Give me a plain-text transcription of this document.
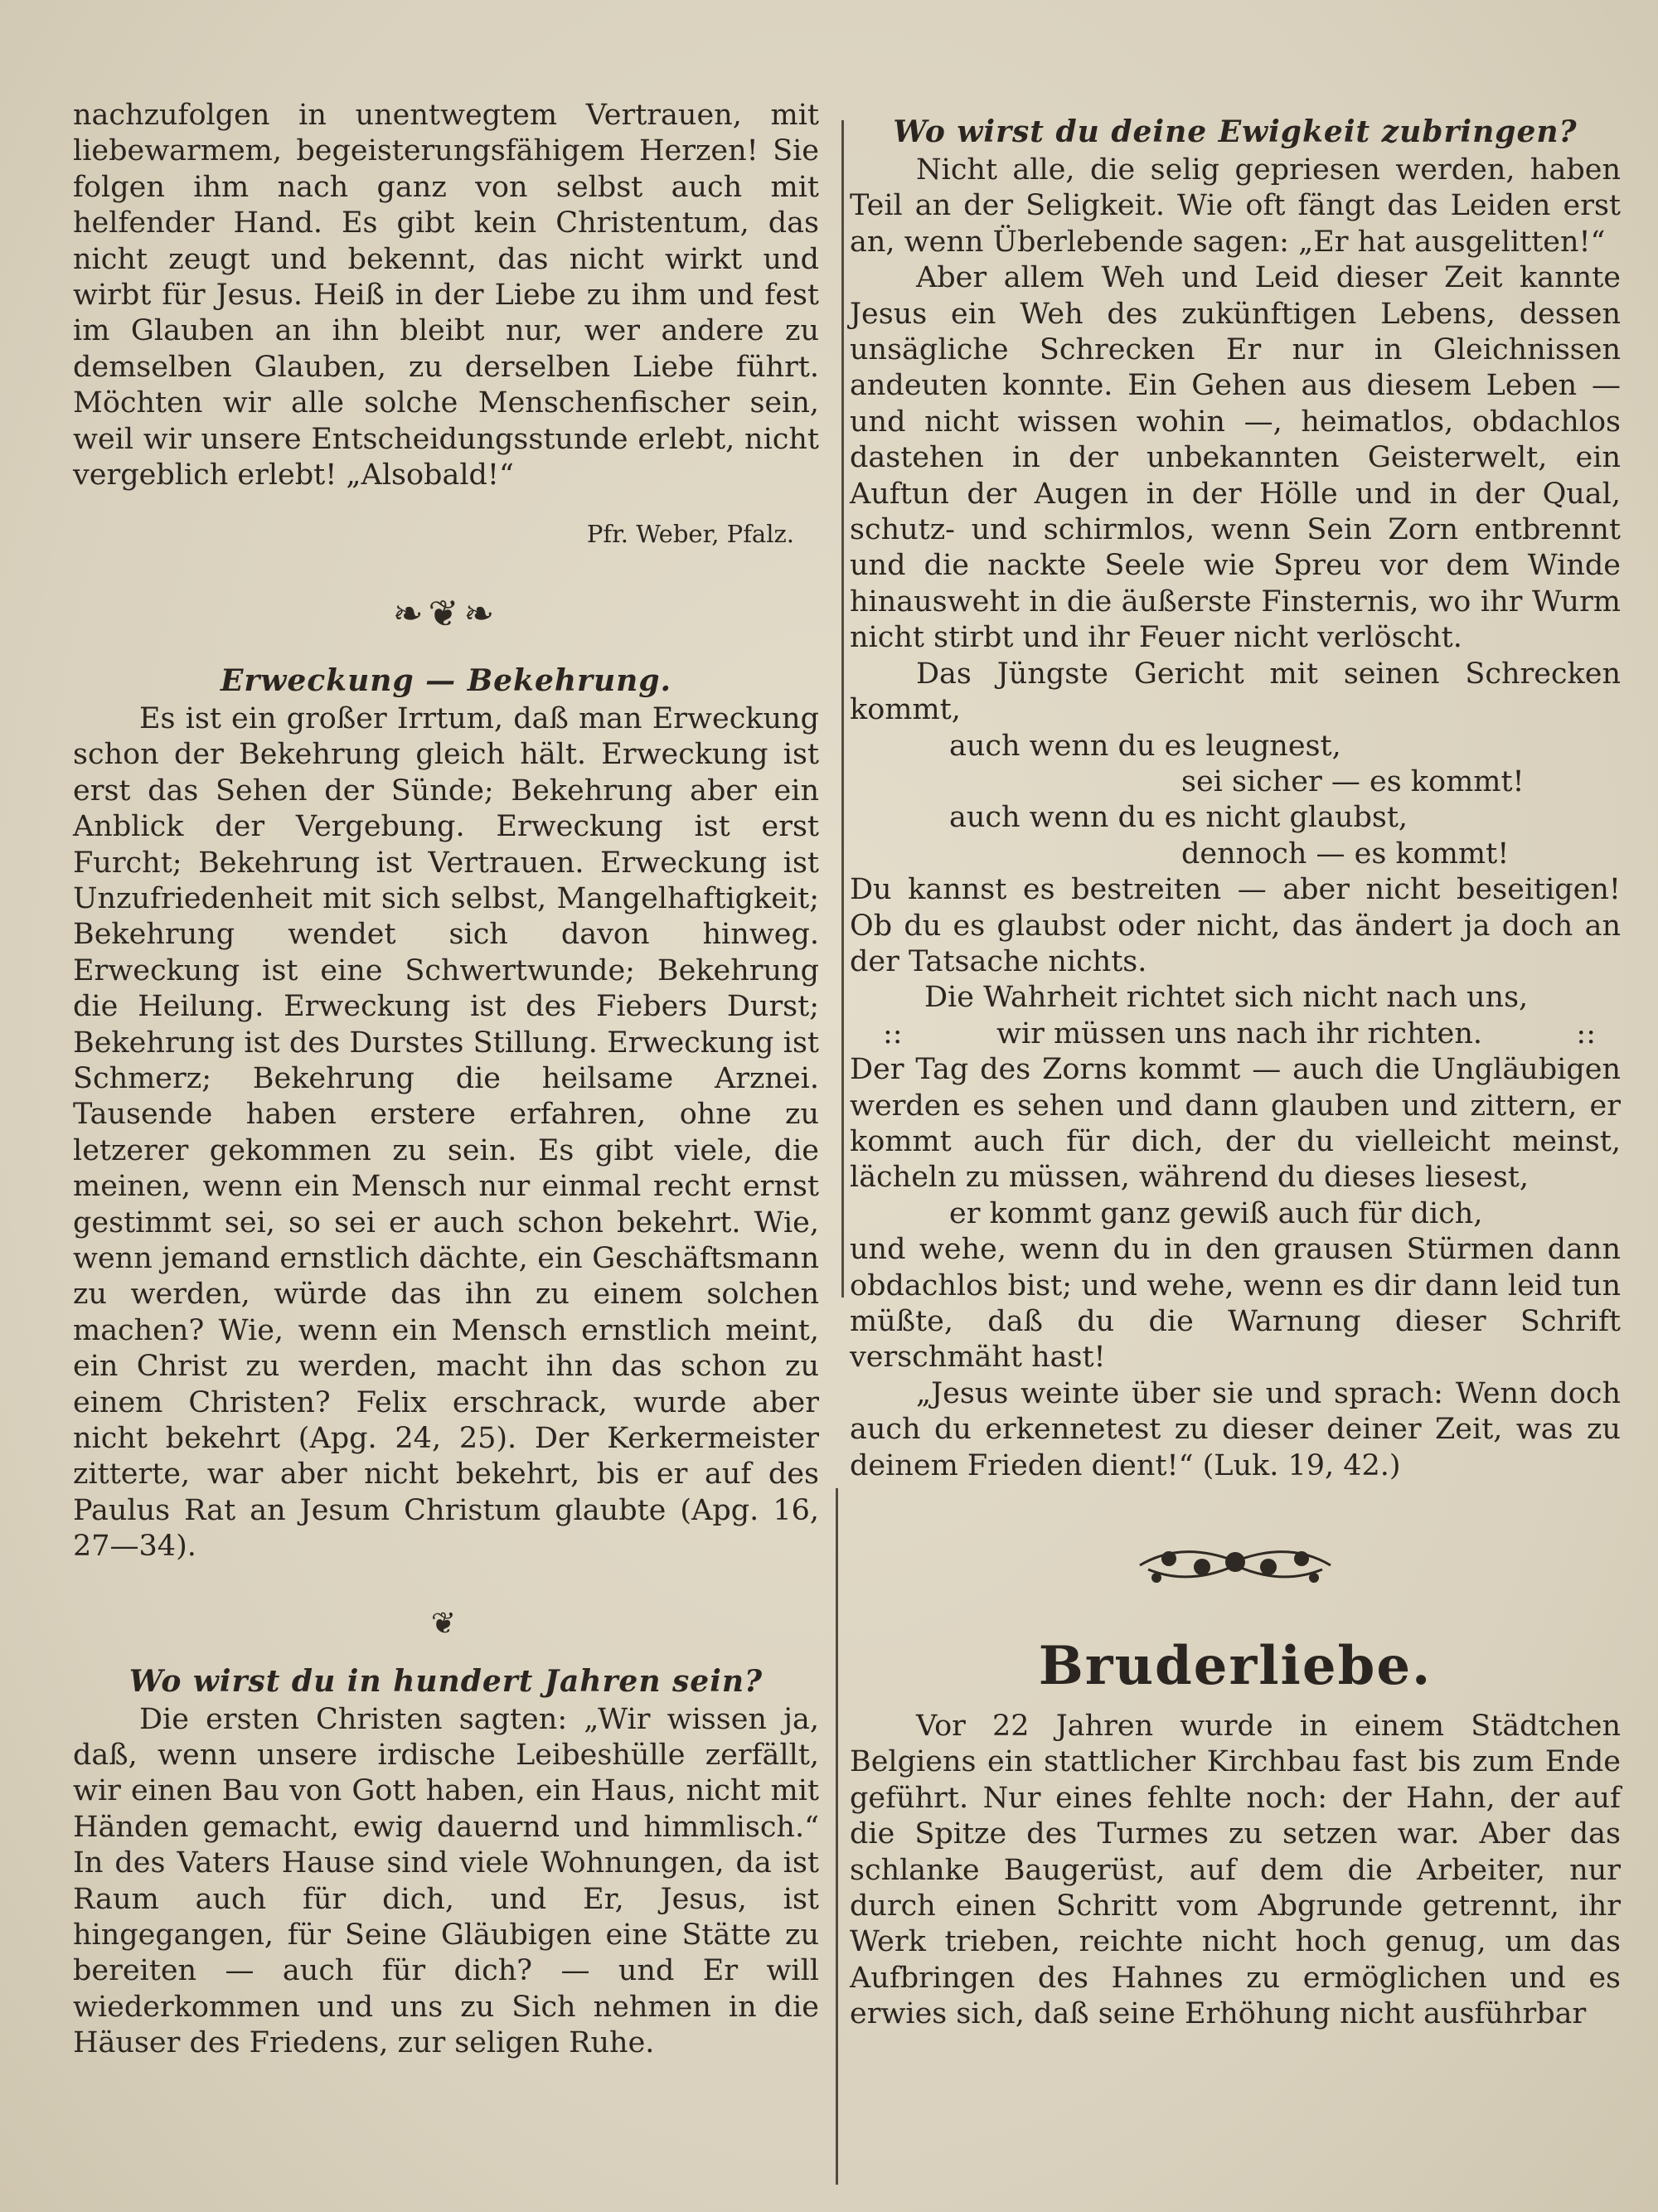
nachzufolgen in unentwegtem Vertrauen, mit liebewarmem, begeisterungsfähigem Herzen! Sie folgen ihm nach ganz von selbst auch mit helfender Hand. Es gibt kein Christentum, das nicht zeugt und bekennt, das nicht wirkt und wirbt für Jesus. Heiß in der Liebe zu ihm und fest im Glauben an ihn bleibt nur, wer andere zu demselben Glauben, zu derselben Liebe führt. Möchten wir alle solche Menschenfischer sein, weil wir unsere Entscheidungsstunde erlebt, nicht vergeblich erlebt! „Alsobald!“

Pfr. Weber, Pfalz.

❧❦❧
Erweckung — Bekehrung.

Es ist ein großer Irrtum, daß man Erweckung schon der Bekehrung gleich hält. Erweckung ist erst das Sehen der Sünde; Bekehrung aber ein Anblick der Vergebung. Erweckung ist erst Furcht; Bekehrung ist Vertrauen. Erweckung ist Unzufriedenheit mit sich selbst, Mangelhaftigkeit; Bekehrung wendet sich davon hinweg. Erweckung ist eine Schwertwunde; Bekehrung die Heilung. Erweckung ist des Fiebers Durst; Bekehrung ist des Durstes Stillung. Erweckung ist Schmerz; Bekehrung die heilsame Arznei. Tausende haben erstere erfahren, ohne zu letzerer gekommen zu sein. Es gibt viele, die meinen, wenn ein Mensch nur einmal recht ernst gestimmt sei, so sei er auch schon bekehrt. Wie, wenn jemand ernstlich dächte, ein Geschäftsmann zu werden, würde das ihn zu einem solchen machen? Wie, wenn ein Mensch ernstlich meint, ein Christ zu werden, macht ihn das schon zu einem Christen? Felix erschrack, wurde aber nicht bekehrt (Apg. 24, 25). Der Kerkermeister zitterte, war aber nicht bekehrt, bis er auf des Paulus Rat an Jesum Christum glaubte (Apg. 16, 27—34).

❦
Wo wirst du in hundert Jahren sein?

Die ersten Christen sagten: „Wir wissen ja, daß, wenn unsere irdische Leibeshülle zerfällt, wir einen Bau von Gott haben, ein Haus, nicht mit Händen gemacht, ewig dauernd und himmlisch.“ In des Vaters Hause sind viele Wohnungen, da ist Raum auch für dich, und Er, Jesus, ist hingegangen, für Seine Gläubigen eine Stätte zu bereiten — auch für dich? — und Er will wiederkommen und uns zu Sich nehmen in die Häuser des Friedens, zur seligen Ruhe.

Wo wirst du deine Ewigkeit zubringen?

Nicht alle, die selig gepriesen werden, haben Teil an der Seligkeit. Wie oft fängt das Leiden erst an, wenn Überlebende sagen: „Er hat ausgelitten!“

Aber allem Weh und Leid dieser Zeit kannte Jesus ein Weh des zukünftigen Lebens, dessen unsägliche Schrecken Er nur in Gleichnissen andeuten konnte. Ein Gehen aus diesem Leben — und nicht wissen wohin —, heimatlos, obdachlos dastehen in der unbekannten Geisterwelt, ein Auftun der Augen in der Hölle und in der Qual, schutz- und schirmlos, wenn Sein Zorn entbrennt und die nackte Seele wie Spreu vor dem Winde hinausweht in die äußerste Finsternis, wo ihr Wurm nicht stirbt und ihr Feuer nicht verlöscht.

Das Jüngste Gericht mit seinen Schrecken kommt,

auch wenn du es leugnest,
sei sicher — es kommt!
auch wenn du es nicht glaubst,
dennoch — es kommt!

Du kannst es bestreiten — aber nicht beseitigen! Ob du es glaubst oder nicht, das ändert ja doch an der Tatsache nichts.

Die Wahrheit richtet sich nicht nach uns,
::	wir müssen uns nach ihr richten.	::

Der Tag des Zorns kommt — auch die Ungläubigen werden es sehen und dann glauben und zittern, er kommt auch für dich, der du vielleicht meinst, lächeln zu müssen, während du dieses liesest,

er kommt ganz gewiß auch für dich,

und wehe, wenn du in den grausen Stürmen dann obdachlos bist; und wehe, wenn es dir dann leid tun müßte, daß du die Warnung dieser Schrift verschmäht hast!

„Jesus weinte über sie und sprach: Wenn doch auch du erkennetest zu dieser deiner Zeit, was zu deinem Frieden dient!“ (Luk. 19, 42.)

Bruderliebe.

Vor 22 Jahren wurde in einem Städtchen Belgiens ein stattlicher Kirchbau fast bis zum Ende geführt. Nur eines fehlte noch: der Hahn, der auf die Spitze des Turmes zu setzen war. Aber das schlanke Baugerüst, auf dem die Arbeiter, nur durch einen Schritt vom Abgrunde getrennt, ihr Werk trieben, reichte nicht hoch genug, um das Aufbringen des Hahnes zu ermöglichen und es erwies sich, daß seine Erhöhung nicht ausführbar
